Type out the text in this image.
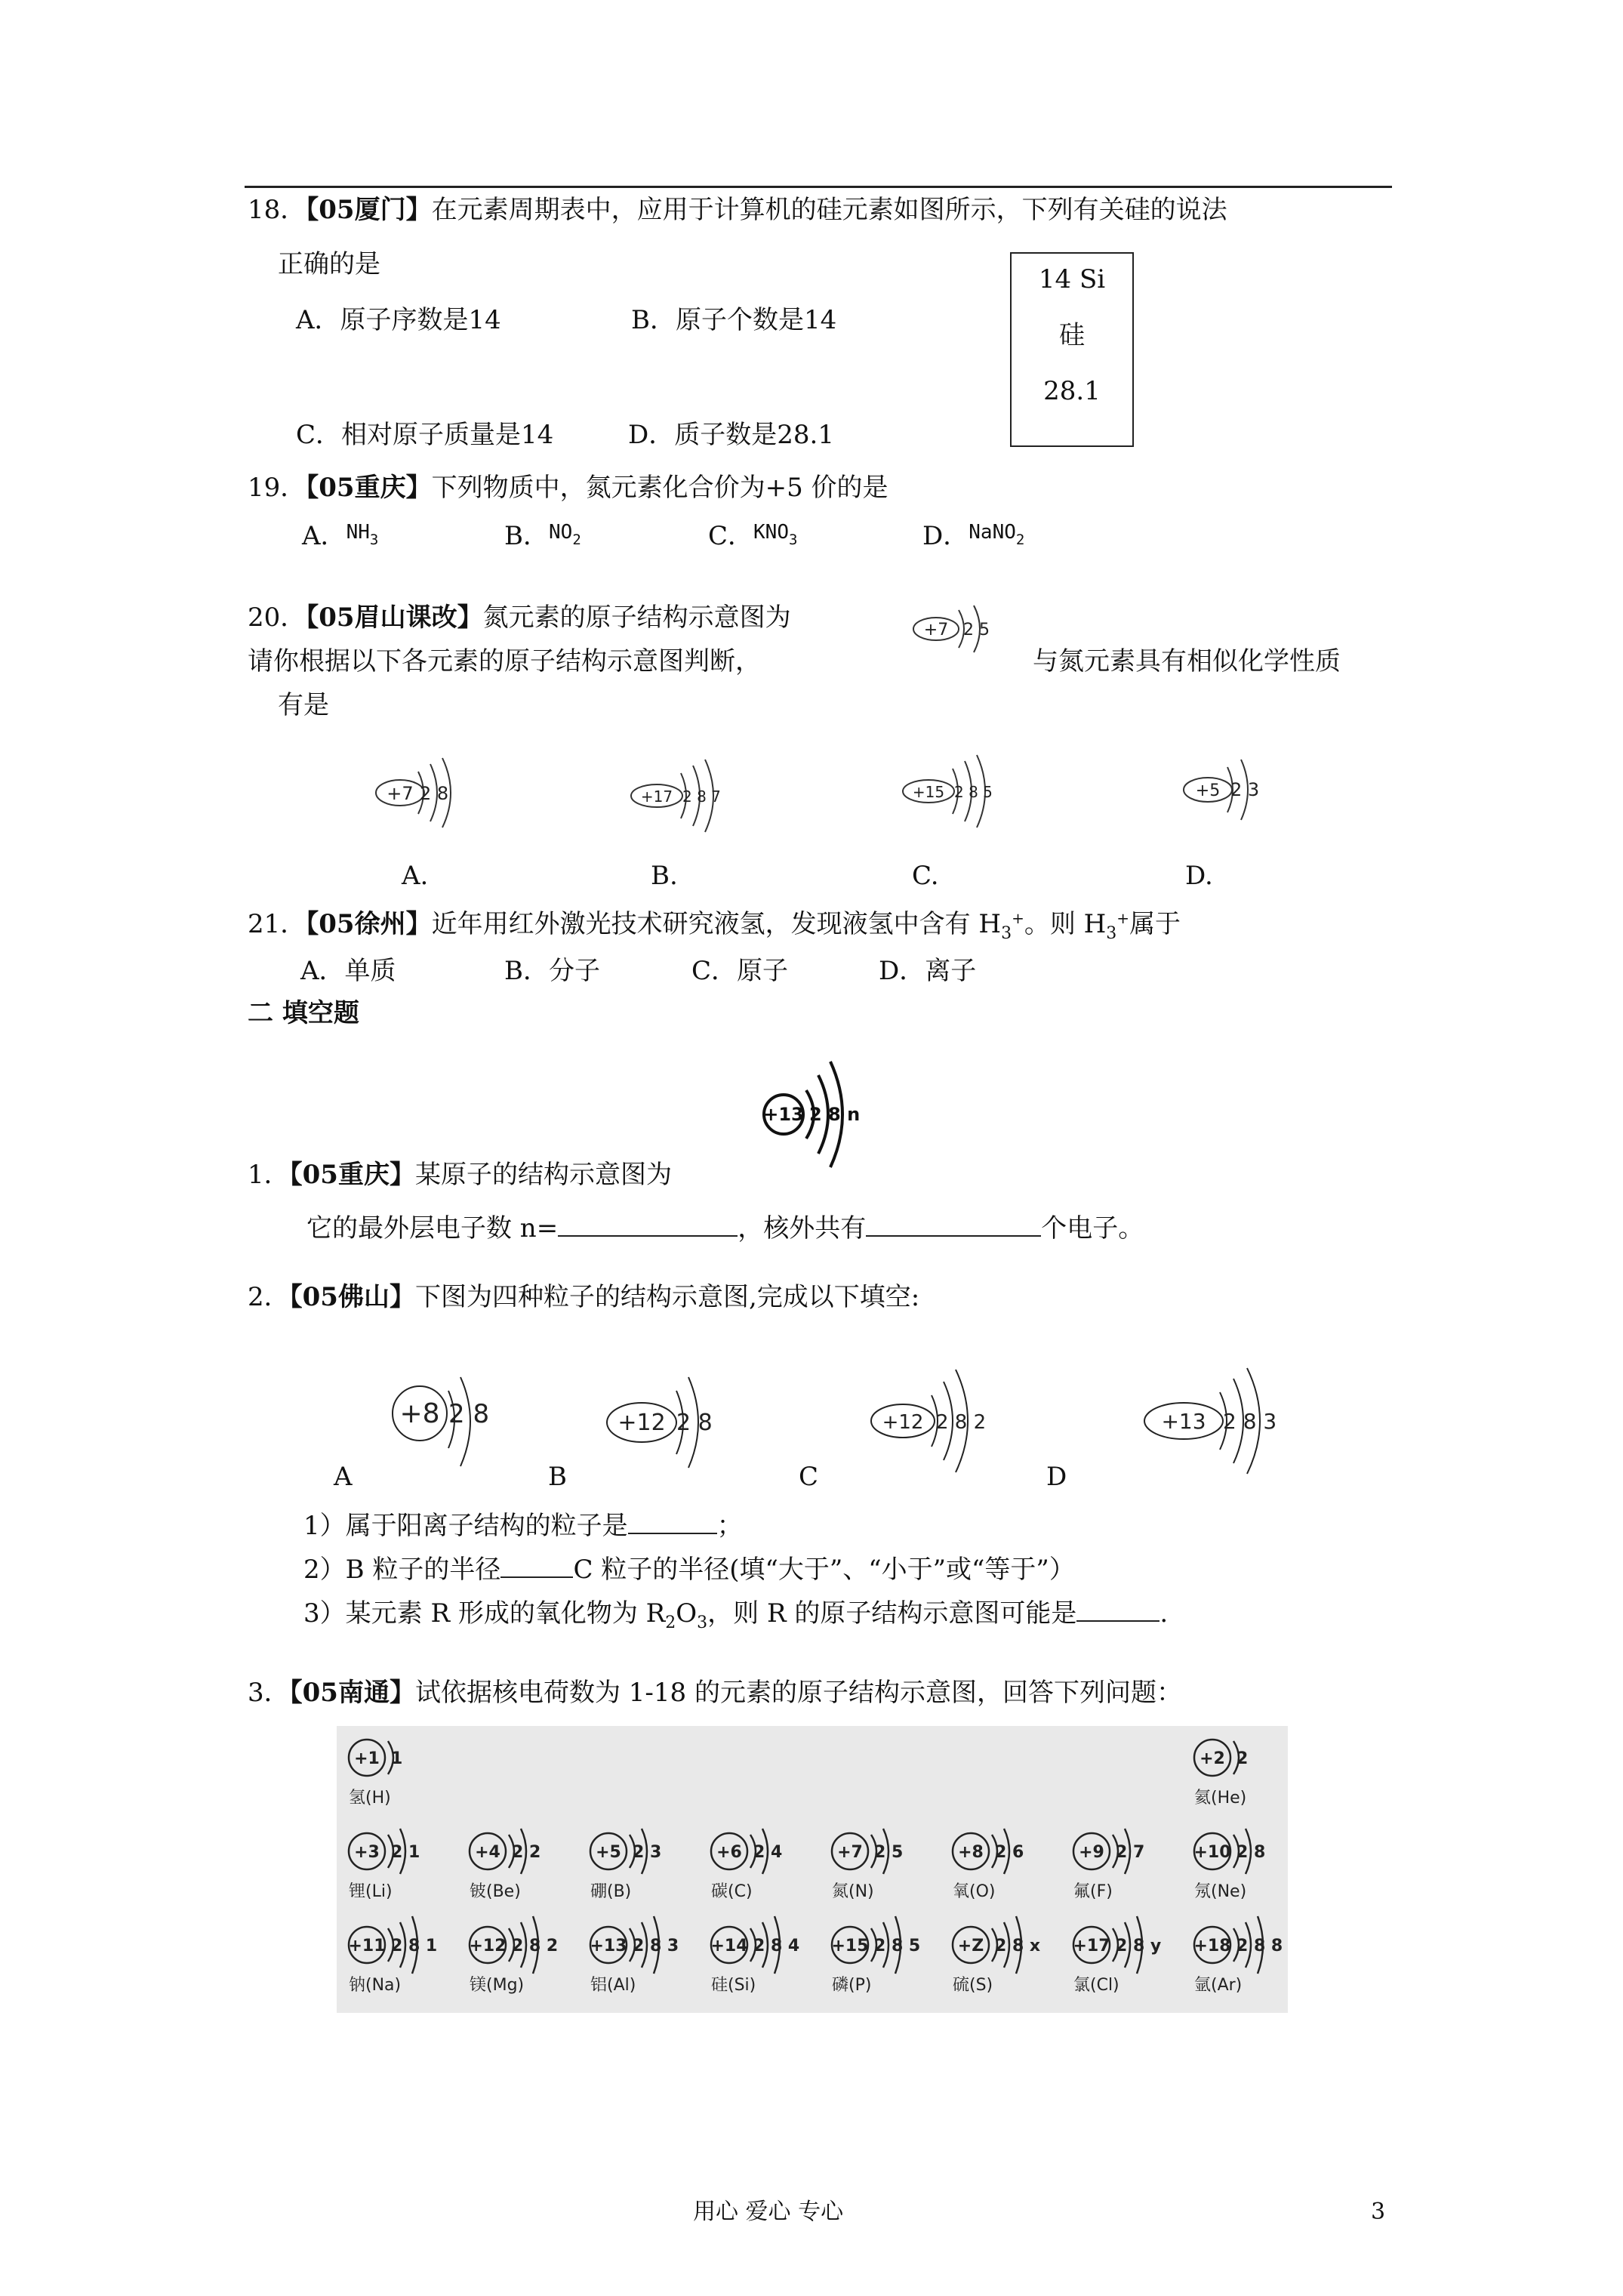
18．【05厦门】在元素周期表中，应用于计算机的硅元素如图所示，下列有关硅的说法
正确的是
A．原子序数是14	B．原子个数是14
C．相对原子质量是14	D．质子数是28.1
14 Si
硅
28.1
19．【05重庆】下列物质中，氮元素化合价为+5 价的是
A．$^{NH_3}$	B．$^{NO_2}$	C．$^{KNO_3}$	D．$^{NaNO_2}$
20．【05眉山课改】氮元素的原子结构示意图为
请你根据以下各元素的原子结构示意图判断，	与氮元素具有相似化学性质
有是
+7 2 5
+7 2 8	+17 2 8 7	+15 2 8 5	+5 2 3
A.	B.	C.	D.
21．【05徐州】近年用红外激光技术研究液氢，发现液氢中含有 $H_3^+$。则 $H_3^+$属于
A．单质	B．分子	C．原子	D．离子
二 填空题
+13 2 8 n
1．【05重庆】某原子的结构示意图为
它的最外层电子数 n=	，核外共有	个电子。
2．【05佛山】下图为四种粒子的结构示意图,完成以下填空:
+8 2 8	+12 2 8	+12 2 8 2	+13 2 8 3
A	B	C	D
1）属于阳离子结构的粒子是	；
2）B 粒子的半径	C 粒子的半径(填“大于”、“小于”或“等于”）
3）某元素 R 形成的氧化物为 $R_2O_3$，则 R 的原子结构示意图可能是	.
3．【05南通】试依据核电荷数为 1-18 的元素的原子结构示意图，回答下列问题：
+1 1
氢(H)
+2 2
氦(He)
+3 2 1
锂(Li)
+4 2 2
铍(Be)
+5 2 3
硼(B)
+6 2 4
碳(C)
+7 2 5
氮(N)
+8 2 6
氧(O)
+9 2 7
氟(F)
+10 2 8
氖(Ne)
+11 2 8 1
钠(Na)
+12 2 8 2
镁(Mg)
+13 2 8 3
铝(Al)
+14 2 8 4
硅(Si)
+15 2 8 5
磷(P)
+Z 2 8 x
硫(S)
+17 2 8 y
氯(Cl)
+18 2 8 8
氩(Ar)
用心 爱心 专心	3
